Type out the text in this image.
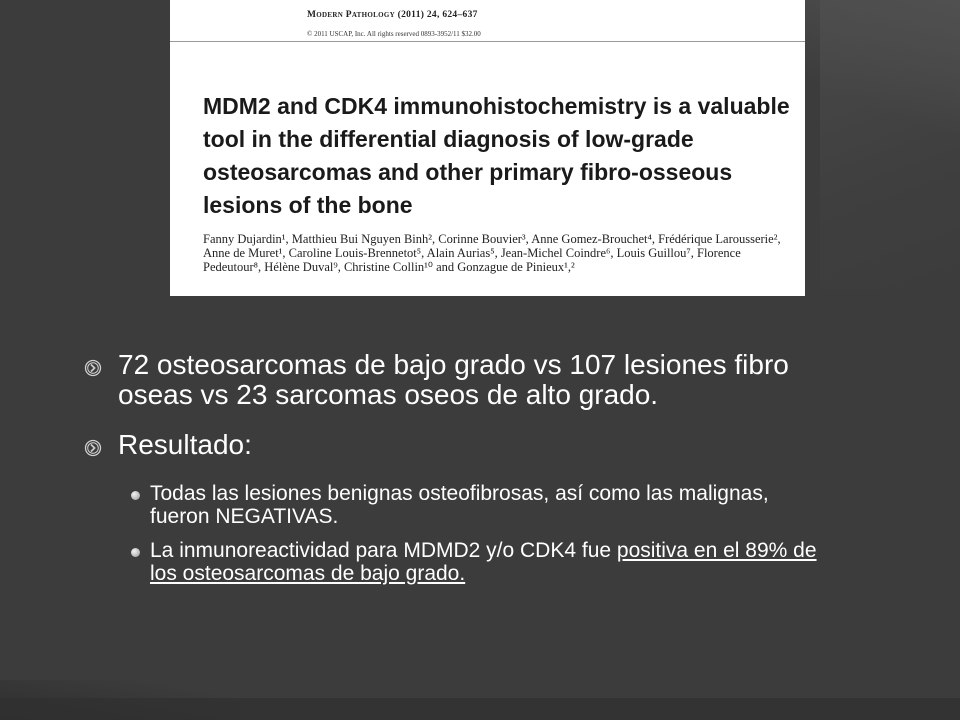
Modern Pathology (2011) 24, 624–637
© 2011 USCAP, Inc. All rights reserved 0893-3952/11 $32.00
MDM2 and CDK4 immunohistochemistry is a valuable tool in the differential diagnosis of low-grade osteosarcomas and other primary fibro-osseous lesions of the bone

Fanny Dujardin¹, Matthieu Bui Nguyen Binh², Corinne Bouvier³, Anne Gomez-Brouchet⁴, Frédérique Larousserie², Anne de Muret¹, Caroline Louis-Brennetot⁵, Alain Aurias⁵, Jean-Michel Coindre⁶, Louis Guillou⁷, Florence Pedeutour⁸, Hélène Duval⁹, Christine Collin¹⁰ and Gonzague de Pinieux¹,²

72 osteosarcomas de bajo grado vs 107 lesiones fibro oseas vs 23 sarcomas oseos de alto grado.
Resultado:
Todas las lesiones benignas osteofibrosas, así como las malignas, fueron NEGATIVAS.
La inmunoreactividad para MDMD2 y/o CDK4 fue positiva en el 89% de los osteosarcomas de bajo grado.
